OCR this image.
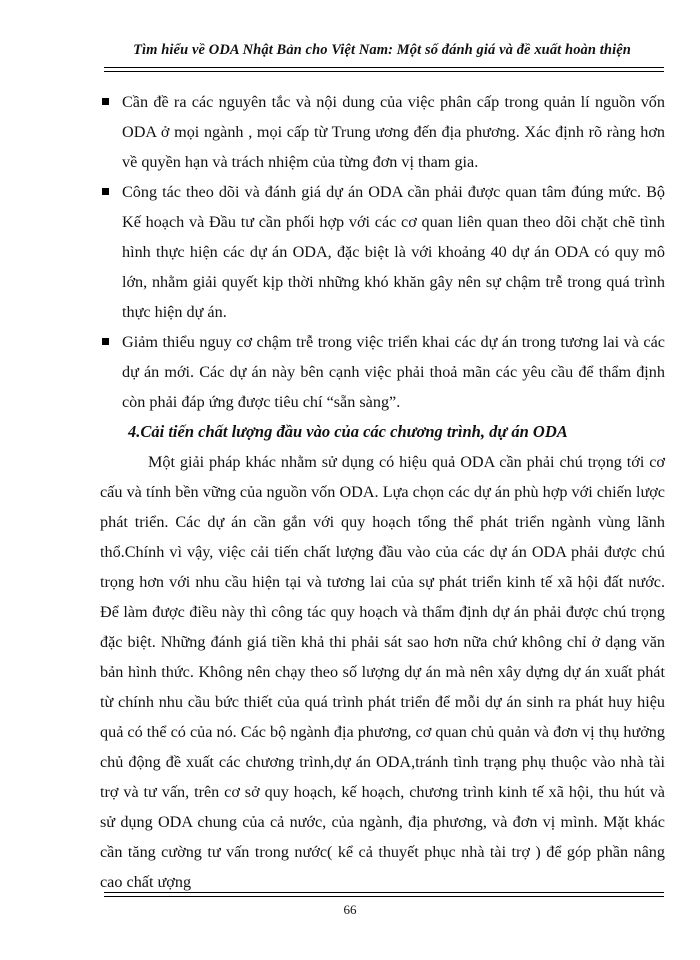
Tìm hiểu về ODA Nhật Bản cho Việt Nam: Một số đánh giá và đề xuất hoàn thiện

Cần đề ra các nguyên tắc và nội dung của việc phân cấp trong quản lí nguồn vốn ODA ở mọi ngành , mọi cấp từ Trung ương đến địa phương. Xác định rõ ràng hơn về quyền hạn và trách nhiệm của từng đơn vị tham gia.

Công tác theo dõi và đánh giá dự án ODA cần phải được quan tâm đúng mức. Bộ Kế hoạch và Đầu tư cần phối hợp với các cơ quan liên quan theo dõi chặt chẽ tình hình thực hiện các dự án ODA, đặc biệt là với khoảng 40 dự án ODA có quy mô lớn, nhằm giải quyết kịp thời những khó khăn gây nên sự chậm trễ trong quá trình thực hiện dự án.

Giảm thiểu nguy cơ chậm trễ trong việc triển khai các dự án trong tương lai và các dự án mới. Các dự án này bên cạnh việc phải thoả mãn các yêu cầu để thẩm định còn phải đáp ứng được tiêu chí “sẵn sàng”.

4.Cải tiến chất lượng đầu vào của các chương trình, dự án ODA

Một giải pháp khác nhằm sử dụng có hiệu quả ODA cần phải chú trọng tới cơ cấu và tính bền vững của nguồn vốn ODA. Lựa chọn các dự án phù hợp với chiến lược phát triển. Các dự án cần gắn với quy hoạch tổng thể phát triển ngành vùng lãnh thổ.Chính vì vậy, việc cải tiến chất lượng đầu vào của các dự án ODA phải được chú trọng hơn với nhu cầu hiện tại và tương lai của sự phát triển kinh tế xã hội đất nước. Để làm được điều này thì công tác quy hoạch và thẩm định dự án phải được chú trọng đặc biệt. Những đánh giá tiền khả thi phải sát sao hơn nữa chứ không chỉ ở dạng văn bản hình thức. Không nên chạy theo số lượng dự án mà nên xây dựng dự án xuất phát từ chính nhu cầu bức thiết của quá trình phát triển để mỗi dự án sinh ra phát huy hiệu quả có thể có của nó. Các bộ ngành địa phương, cơ quan chủ quản và đơn vị thụ hưởng chủ động đề xuất các chương trình,dự án ODA,tránh tình trạng phụ thuộc vào nhà tài trợ và tư vấn, trên cơ sở quy hoạch, kế hoạch, chương trình kinh tế xã hội, thu hút và sử dụng ODA chung của cả nước, của ngành, địa phương, và đơn vị mình. Mặt khác cần tăng cường tư vấn trong nước( kể cả thuyết phục nhà tài trợ ) để góp phần nâng cao chất ượng

66
